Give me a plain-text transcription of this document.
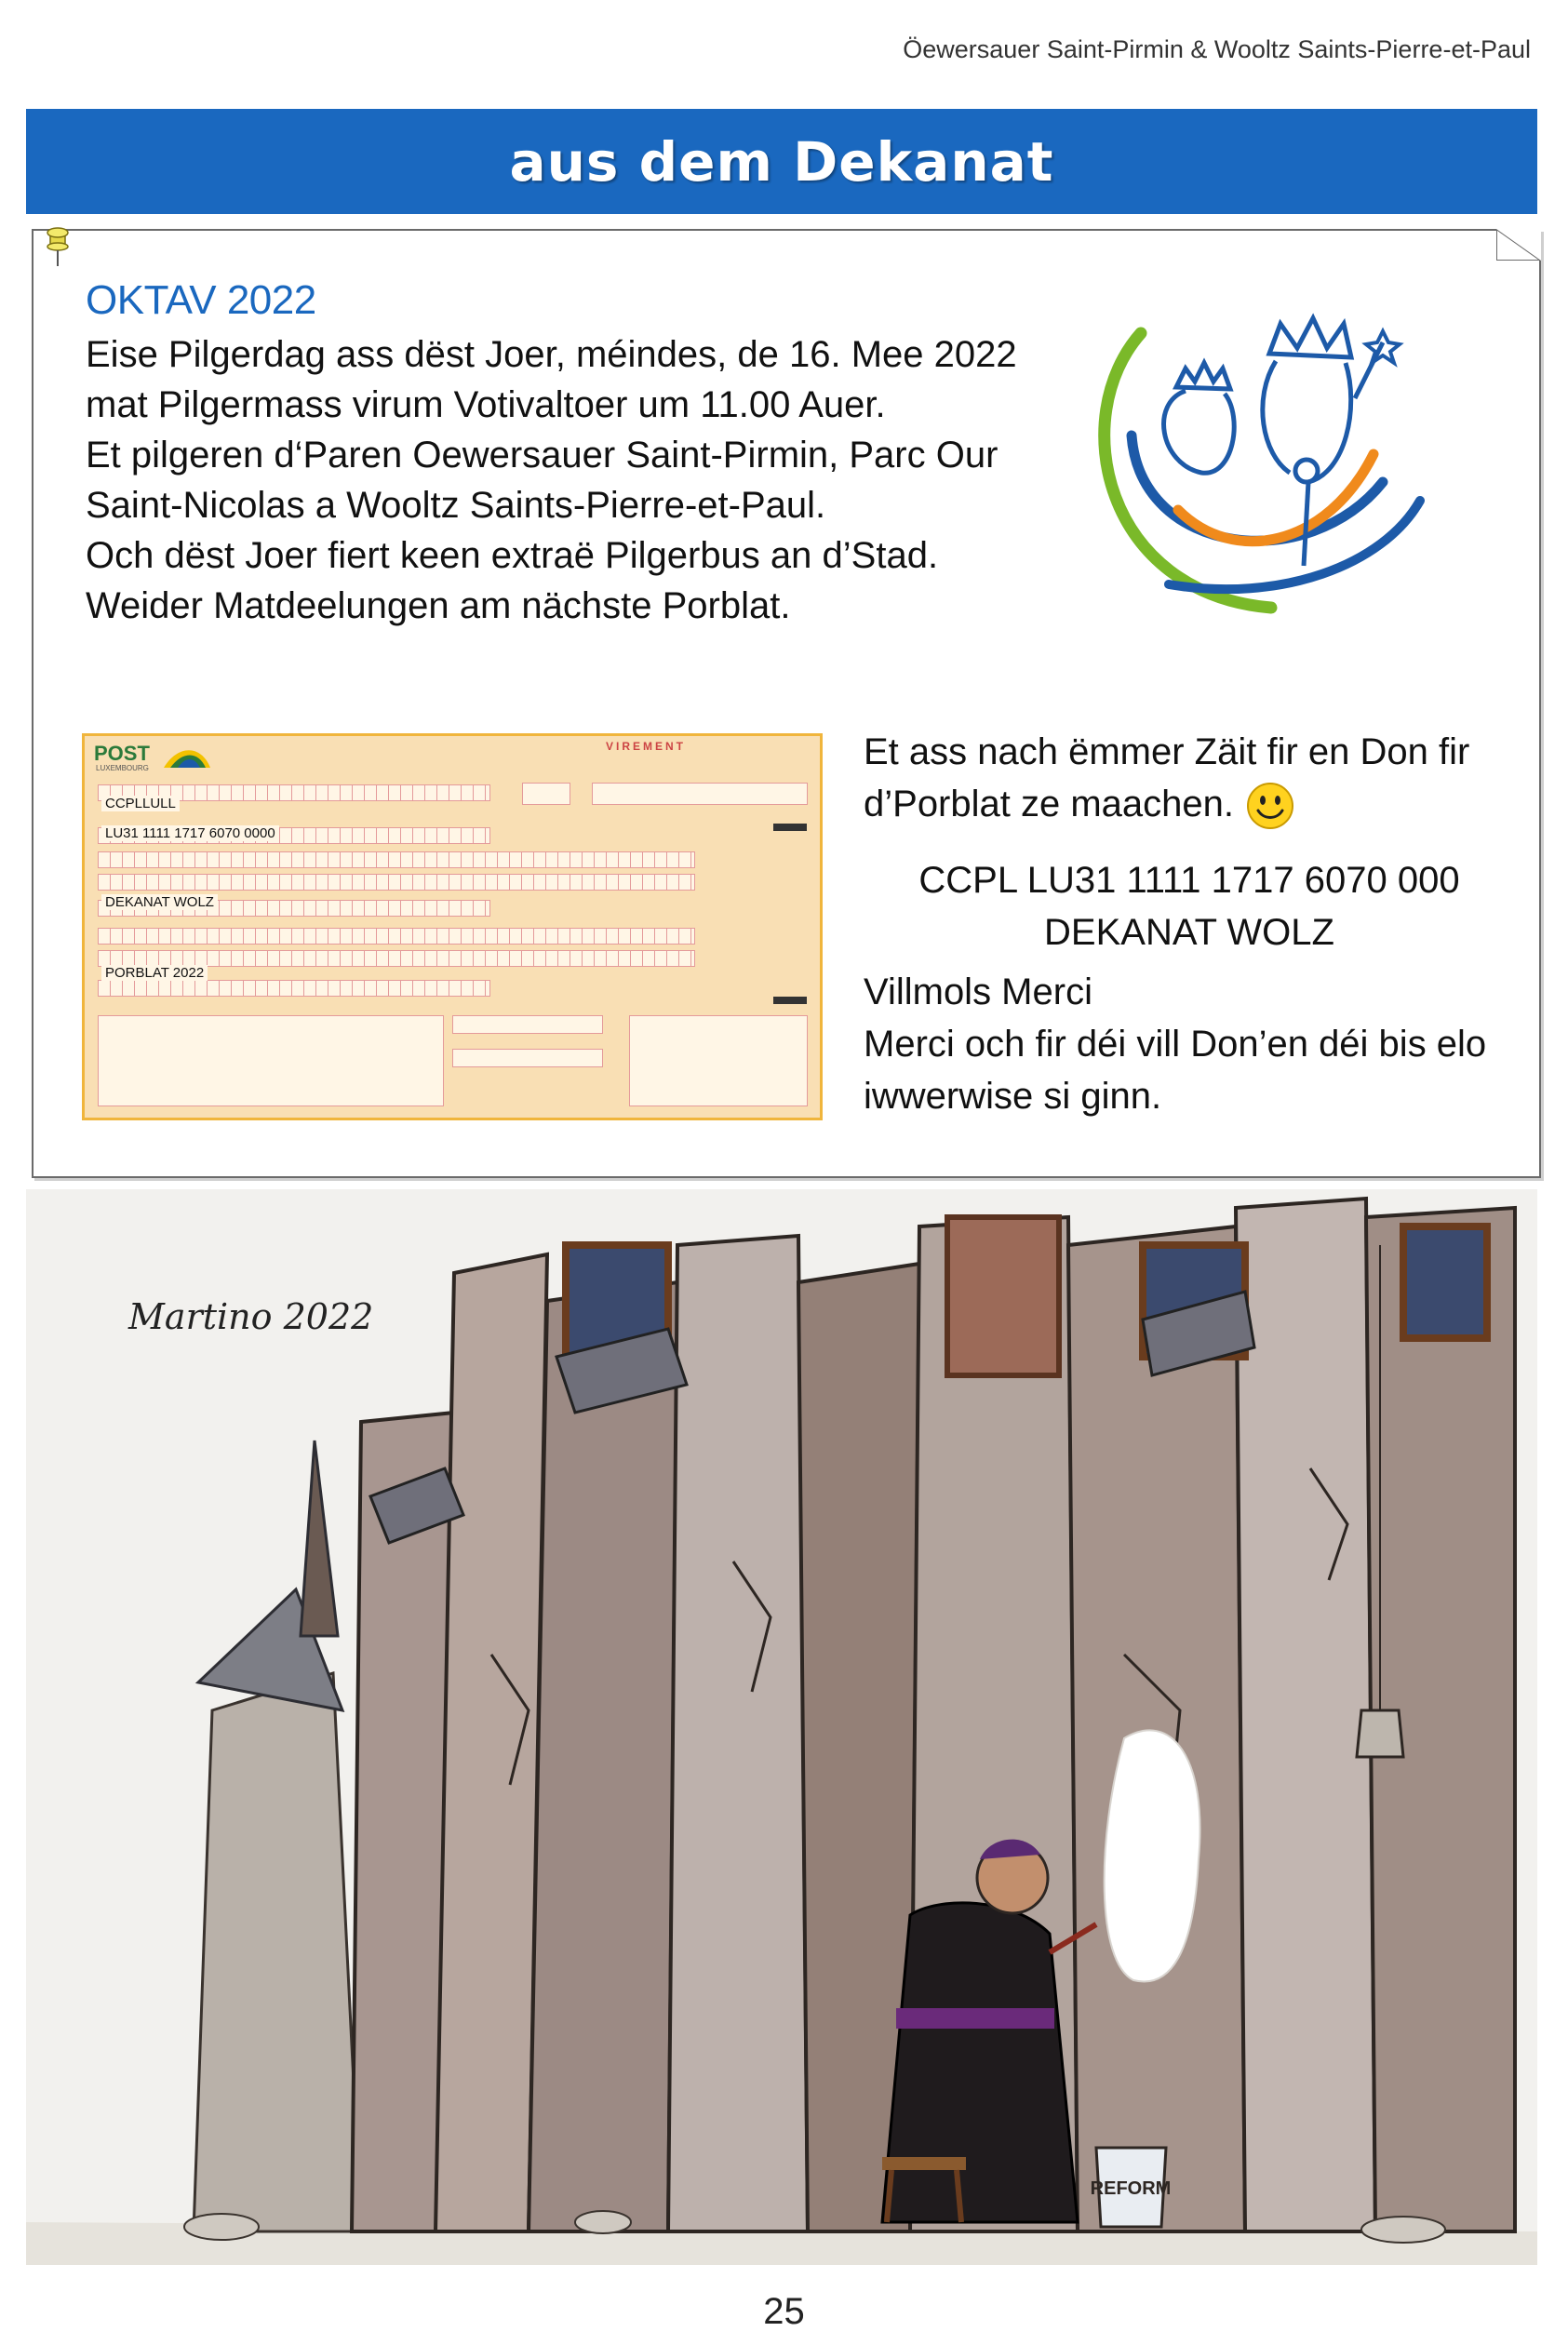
Öewersauer Saint-Pirmin & Wooltz Saints-Pierre-et-Paul
aus dem Dekanat
OKTAV 2022
Eise Pilgerdag ass dëst Joer, méindes, de 16. Mee 2022
mat Pilgermass virum Votivaltoer um 11.00 Auer.
Et pilgeren d‘Paren Oewersauer Saint-Pirmin, Parc Our
Saint-Nicolas a Wooltz Saints-Pierre-et-Paul.
Och dëst Joer fiert keen extraë Pilgerbus an d’Stad.
Weider Matdeelungen am nächste Porblat.
POST
LUXEMBOURG
VIREMENT
CCPLLULL
LU31 1111 1717 6070 0000
DEKANAT WOLZ
PORBLAT 2022
Et ass nach ëmmer Zäit fir en Don fir
d’Porblat ze maachen.
CCPL LU31 1111 1717 6070 000
DEKANAT WOLZ
Villmols Merci
Merci och fir déi vill Don’en déi bis elo
iwwerwise si ginn.
REFORM
Martino 2022
25
